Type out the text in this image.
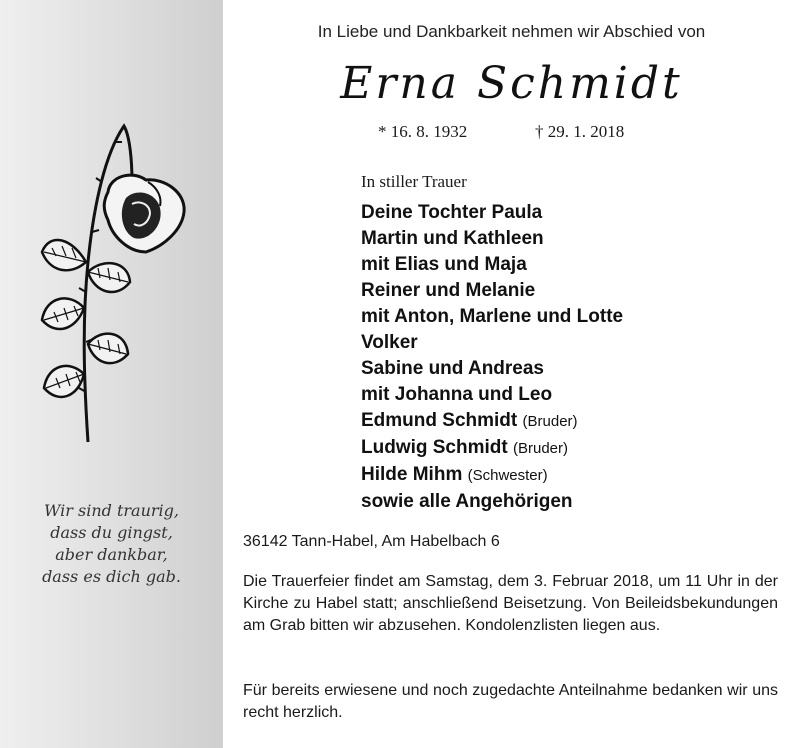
Wir sind traurig,
dass du gingst,
aber dankbar,
dass es dich gab.
In Liebe und Dankbarkeit nehmen wir Abschied von
Erna Schmidt
* 16. 8. 1932	† 29. 1. 2018
In stiller Trauer
Deine Tochter Paula
Martin und Kathleen
mit Elias und Maja
Reiner und Melanie
mit Anton, Marlene und Lotte
Volker
Sabine und Andreas
mit Johanna und Leo
Edmund Schmidt (Bruder)
Ludwig Schmidt (Bruder)
Hilde Mihm (Schwester)
sowie alle Angehörigen
36142 Tann-Habel, Am Habelbach 6
Die Trauerfeier findet am Samstag, dem 3. Februar 2018, um 11 Uhr in der Kirche zu Habel statt; anschließend Beisetzung. Von Beileidsbekundungen am Grab bitten wir abzusehen. Kondolenzlisten liegen aus.
Für bereits erwiesene und noch zugedachte Anteilnahme bedanken wir uns recht herzlich.
